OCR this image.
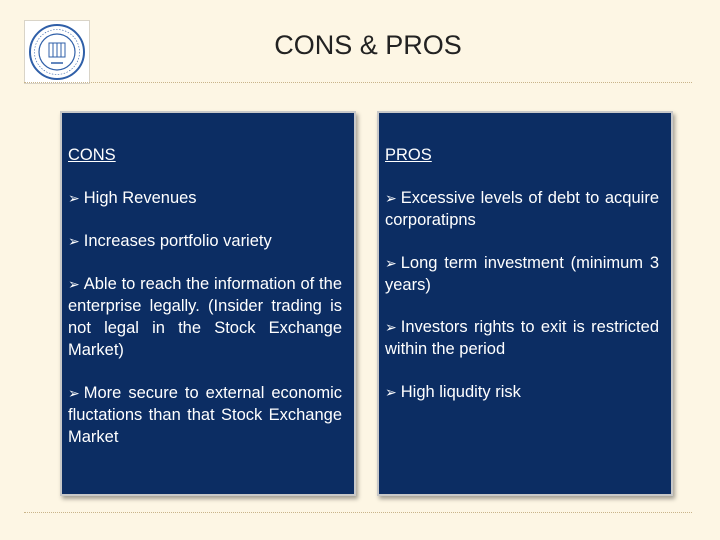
CONS & PROS

CONS

➢ High Revenues

➢ Increases portfolio variety

➢ Able to reach the information of the enterprise legally. (Insider trading is not legal in the Stock Exchange Market)

➢ More secure to external economic fluctations than that Stock Exchange Market

PROS

➢ Excessive levels of debt to acquire corporatipns

➢ Long term investment (minimum 3 years)

➢ Investors rights to exit is restricted within the period

➢ High liqudity risk
